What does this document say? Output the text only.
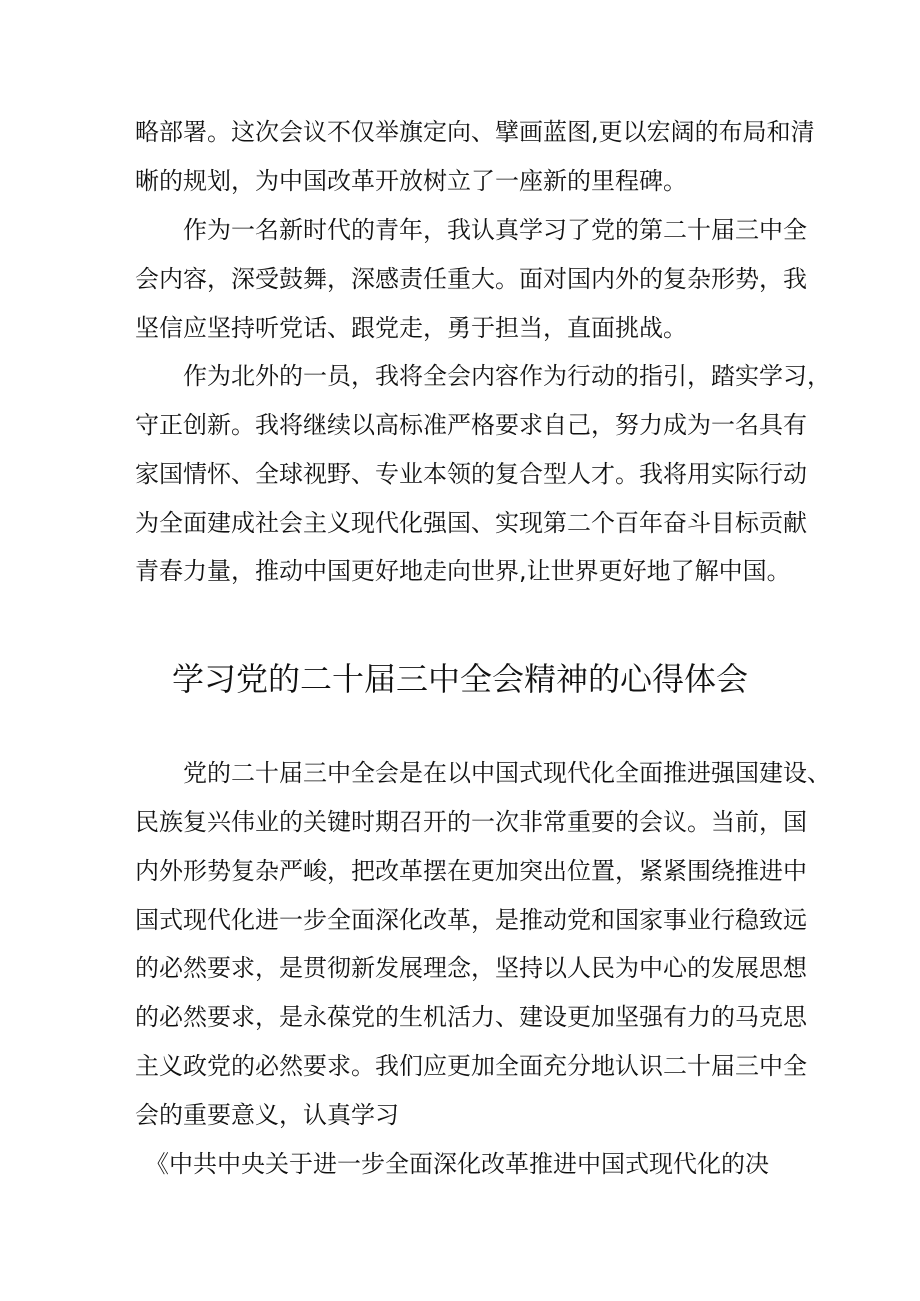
略部署。这次会议不仅举旗定向、擘画蓝图,更以宏阔的布局和清
晰的规划，为中国改革开放树立了一座新的里程碑。
作为一名新时代的青年，我认真学习了党的第二十届三中全
会内容，深受鼓舞，深感责任重大。面对国内外的复杂形势，我
坚信应坚持听党话、跟党走，勇于担当，直面挑战。
作为北外的一员，我将全会内容作为行动的指引，踏实学习，
守正创新。我将继续以高标准严格要求自己，努力成为一名具有
家国情怀、全球视野、专业本领的复合型人才。我将用实际行动
为全面建成社会主义现代化强国、实现第二个百年奋斗目标贡献
青春力量，推动中国更好地走向世界,让世界更好地了解中国。
学习党的二十届三中全会精神的心得体会
党的二十届三中全会是在以中国式现代化全面推进强国建设、
民族复兴伟业的关键时期召开的一次非常重要的会议。当前，国
内外形势复杂严峻，把改革摆在更加突出位置，紧紧围绕推进中
国式现代化进一步全面深化改革，是推动党和国家事业行稳致远
的必然要求，是贯彻新发展理念，坚持以人民为中心的发展思想
的必然要求，是永葆党的生机活力、建设更加坚强有力的马克思
主义政党的必然要求。我们应更加全面充分地认识二十届三中全
会的重要意义，认真学习
《中共中央关于进一步全面深化改革推进中国式现代化的决
